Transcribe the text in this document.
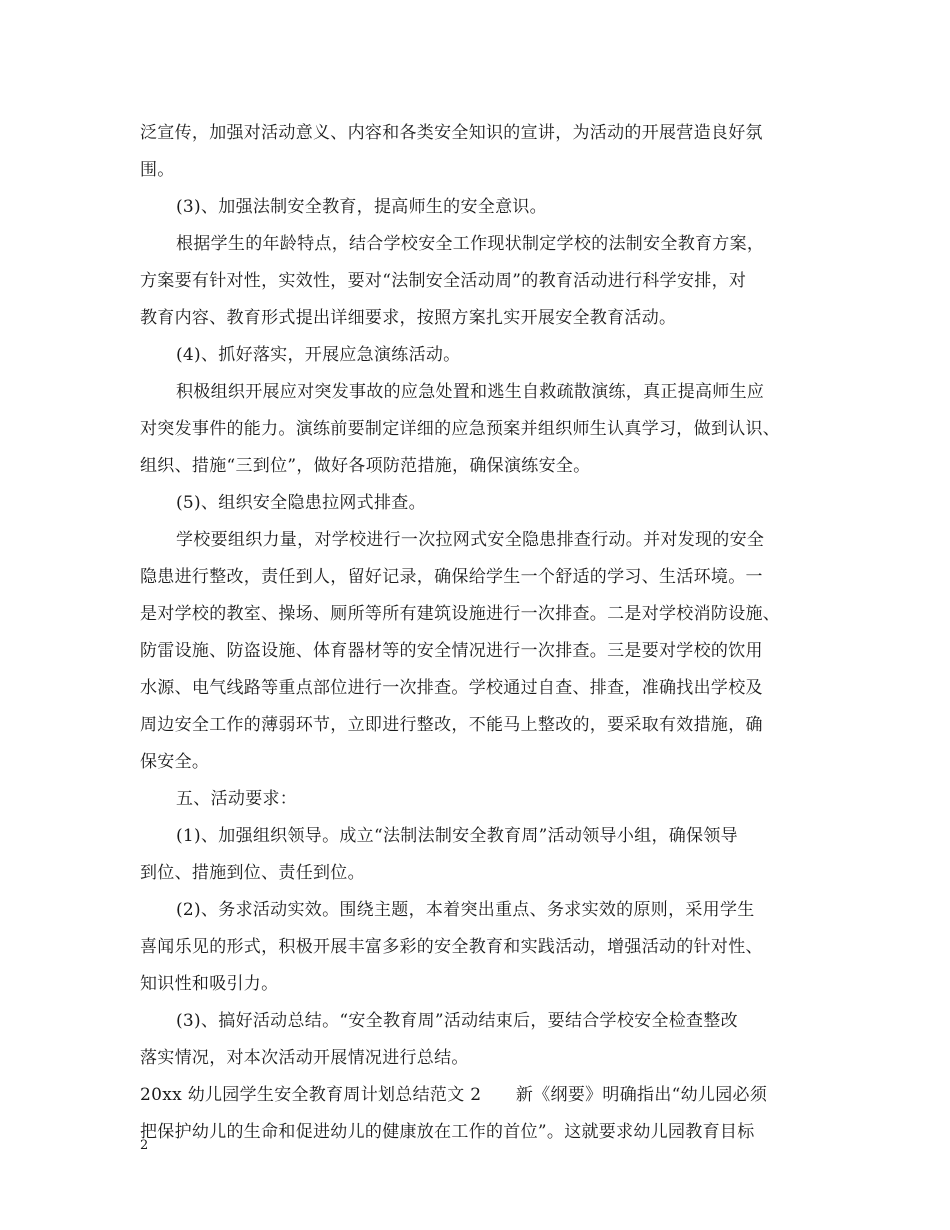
泛宣传，加强对活动意义、内容和各类安全知识的宣讲，为活动的开展营造良好氛
围。
(3)、加强法制安全教育，提高师生的安全意识。
根据学生的年龄特点，结合学校安全工作现状制定学校的法制安全教育方案，
方案要有针对性，实效性，要对“法制安全活动周”的教育活动进行科学安排，对
教育内容、教育形式提出详细要求，按照方案扎实开展安全教育活动。
(4)、抓好落实，开展应急演练活动。
积极组织开展应对突发事故的应急处置和逃生自救疏散演练，真正提高师生应
对突发事件的能力。演练前要制定详细的应急预案并组织师生认真学习，做到认识、
组织、措施“三到位”，做好各项防范措施，确保演练安全。
(5)、组织安全隐患拉网式排查。
学校要组织力量，对学校进行一次拉网式安全隐患排查行动。并对发现的安全
隐患进行整改，责任到人，留好记录，确保给学生一个舒适的学习、生活环境。一
是对学校的教室、操场、厕所等所有建筑设施进行一次排查。二是对学校消防设施、
防雷设施、防盗设施、体育器材等的安全情况进行一次排查。三是要对学校的饮用
水源、电气线路等重点部位进行一次排查。学校通过自查、排查，准确找出学校及
周边安全工作的薄弱环节，立即进行整改，不能马上整改的，要采取有效措施，确
保安全。
五、活动要求：
(1)、加强组织领导。成立“法制法制安全教育周”活动领导小组，确保领导
到位、措施到位、责任到位。
(2)、务求活动实效。围绕主题，本着突出重点、务求实效的原则，采用学生
喜闻乐见的形式，积极开展丰富多彩的安全教育和实践活动，增强活动的针对性、
知识性和吸引力。
(3)、搞好活动总结。“安全教育周”活动结束后，要结合学校安全检查整改
落实情况，对本次活动开展情况进行总结。
20xx 幼儿园学生安全教育周计划总结范文 2　　新《纲要》明确指出“幼儿园必须
把保护幼儿的生命和促进幼儿的健康放在工作的首位”。这就要求幼儿园教育目标
2
